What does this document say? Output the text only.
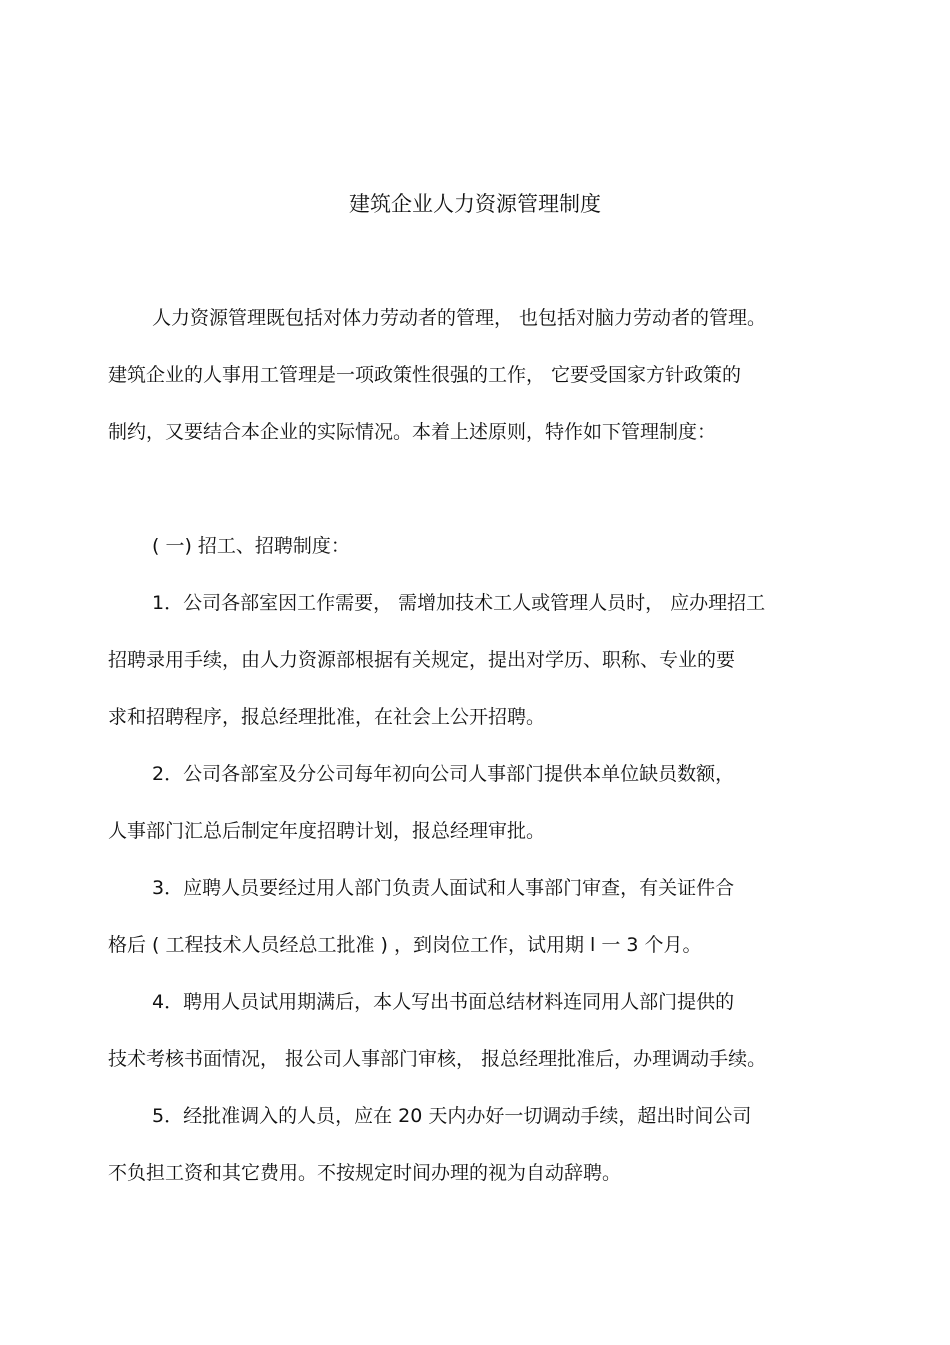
建筑企业人力资源管理制度
人力资源管理既包括对体力劳动者的管理， 也包括对脑力劳动者的管理。
建筑企业的人事用工管理是一项政策性很强的工作， 它要受国家方针政策的
制约，又要结合本企业的实际情况。本着上述原则，特作如下管理制度：
( 一) 招工、招聘制度：
1．公司各部室因工作需要， 需增加技术工人或管理人员时， 应办理招工
招聘录用手续，由人力资源部根据有关规定，提出对学历、职称、专业的要
求和招聘程序，报总经理批准，在社会上公开招聘。
2．公司各部室及分公司每年初向公司人事部门提供本单位缺员数额，
人事部门汇总后制定年度招聘计划，报总经理审批。
3．应聘人员要经过用人部门负责人面试和人事部门审查，有关证件合
格后 ( 工程技术人员经总工批准 ) ，到岗位工作，试用期 l 一 3 个月。
4．聘用人员试用期满后，本人写出书面总结材料连同用人部门提供的
技术考核书面情况， 报公司人事部门审核， 报总经理批准后，办理调动手续。
5．经批准调入的人员，应在 20 天内办好一切调动手续，超出时间公司
不负担工资和其它费用。不按规定时间办理的视为自动辞聘。
